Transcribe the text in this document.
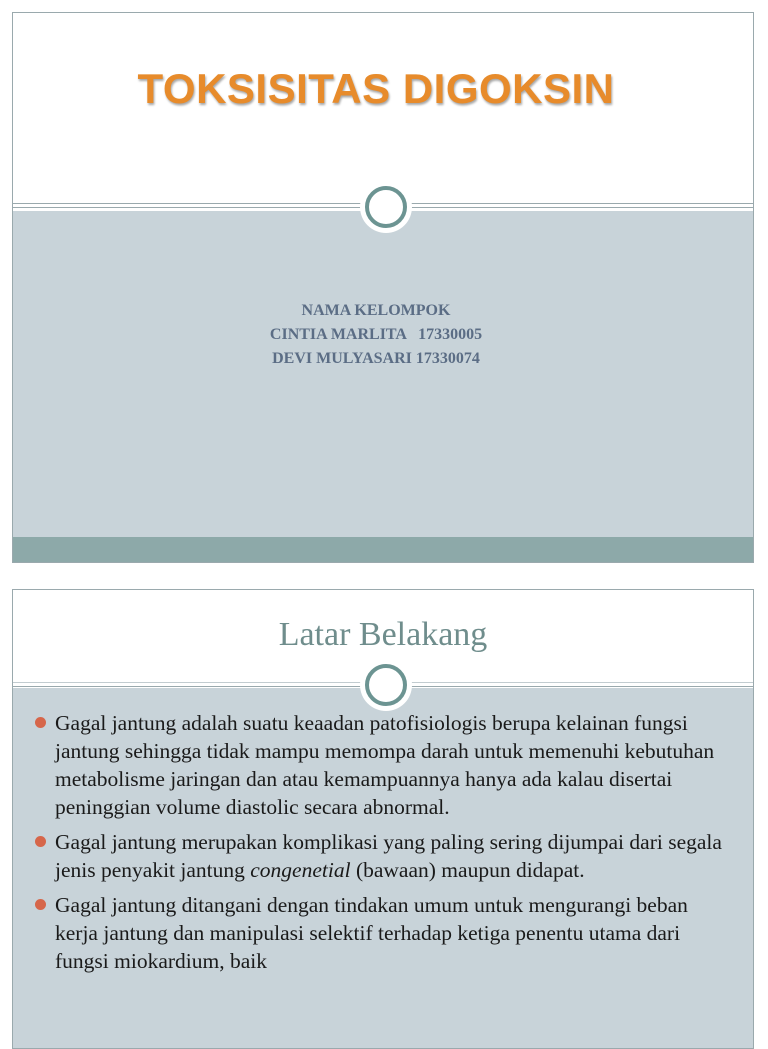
TOKSISITAS DIGOKSIN
NAMA KELOMPOK
CINTIA MARLITA   17330005
DEVI MULYASARI 17330074
Latar Belakang
Gagal jantung adalah suatu keaadan patofisiologis berupa kelainan fungsi jantung sehingga tidak mampu memompa darah untuk memenuhi kebutuhan metabolisme jaringan dan atau kemampuannya hanya ada kalau disertai peninggian volume diastolic secara abnormal.
Gagal jantung merupakan komplikasi yang paling sering dijumpai dari segala jenis penyakit jantung congenetial (bawaan) maupun didapat.
Gagal jantung ditangani dengan tindakan umum untuk mengurangi beban kerja jantung dan manipulasi selektif terhadap ketiga penentu utama dari fungsi miokardium, baik
